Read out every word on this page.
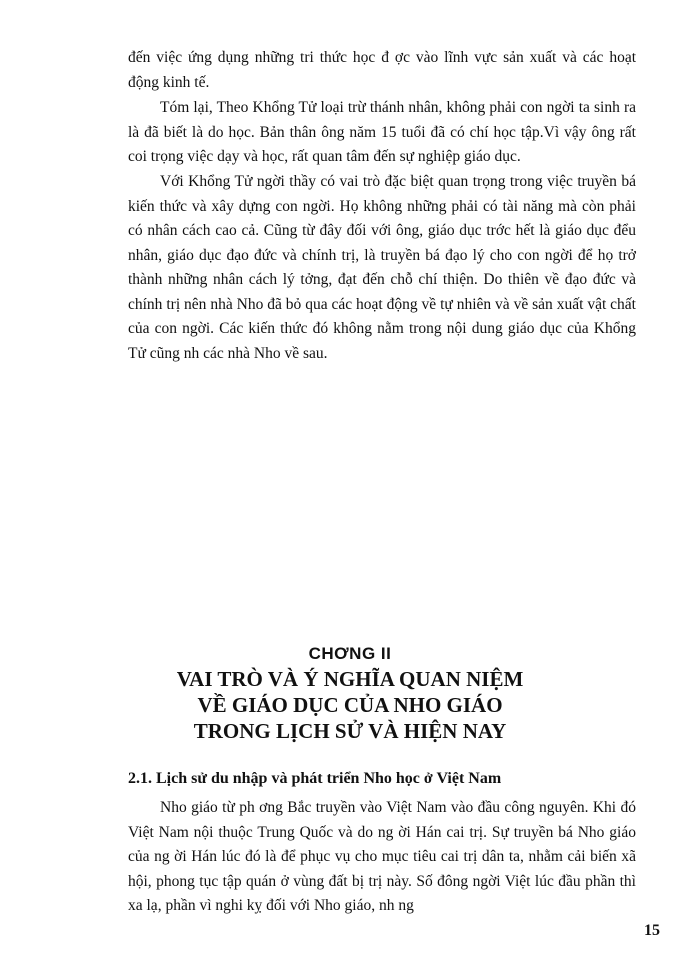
đến việc ứng dụng những tri thức học đ ợc vào lĩnh vực sản xuất và các hoạt động kinh tế.

Tóm lại, Theo Khổng Tử loại trừ thánh nhân, không phải con ngời ta sinh ra là đã biết là do học. Bản thân ông năm 15 tuổi đã có chí học tập.Vì vậy ông rất coi trọng việc dạy và học, rất quan tâm đến sự nghiệp giáo dục.

Với Khổng Tử ngời thầy có vai trò đặc biệt quan trọng trong việc truyền bá kiến thức và xây dựng con ngời. Họ không những phải có tài năng mà còn phải có nhân cách cao cả. Cũng từ đây đối với ông, giáo dục trớc hết là giáo dục đểu nhân, giáo dục đạo đức và chính trị, là truyền bá đạo lý cho con ngời để họ trở thành những nhân cách lý tởng, đạt đến chỗ chí thiện. Do thiên về đạo đức và chính trị nên nhà Nho đã bỏ qua các hoạt động về tự nhiên và về sản xuất vật chất của con ngời. Các kiến thức đó không nằm trong nội dung giáo dục của Khổng Tử cũng nh các nhà Nho về sau.

CHƠNG II
VAI TRÒ VÀ Ý NGHĨA QUAN NIỆM
VỀ GIÁO DỤC CỦA NHO GIÁO
TRONG LỊCH SỬ VÀ HIỆN NAY
2.1. Lịch sử du nhập và phát triển Nho học ở Việt Nam

Nho giáo từ ph ơng Bắc truyền vào Việt Nam vào đầu công nguyên. Khi đó Việt Nam nội thuộc Trung Quốc và do ng ời Hán cai trị. Sự truyền bá Nho giáo của ng ời Hán lúc đó là để phục vụ cho mục tiêu cai trị dân ta, nhằm cải biến xã hội, phong tục tập quán ở vùng đất bị trị này. Số đông ngời Việt lúc đầu phần thì xa lạ, phần vì nghi kỵ đối với Nho giáo, nh ng

15
